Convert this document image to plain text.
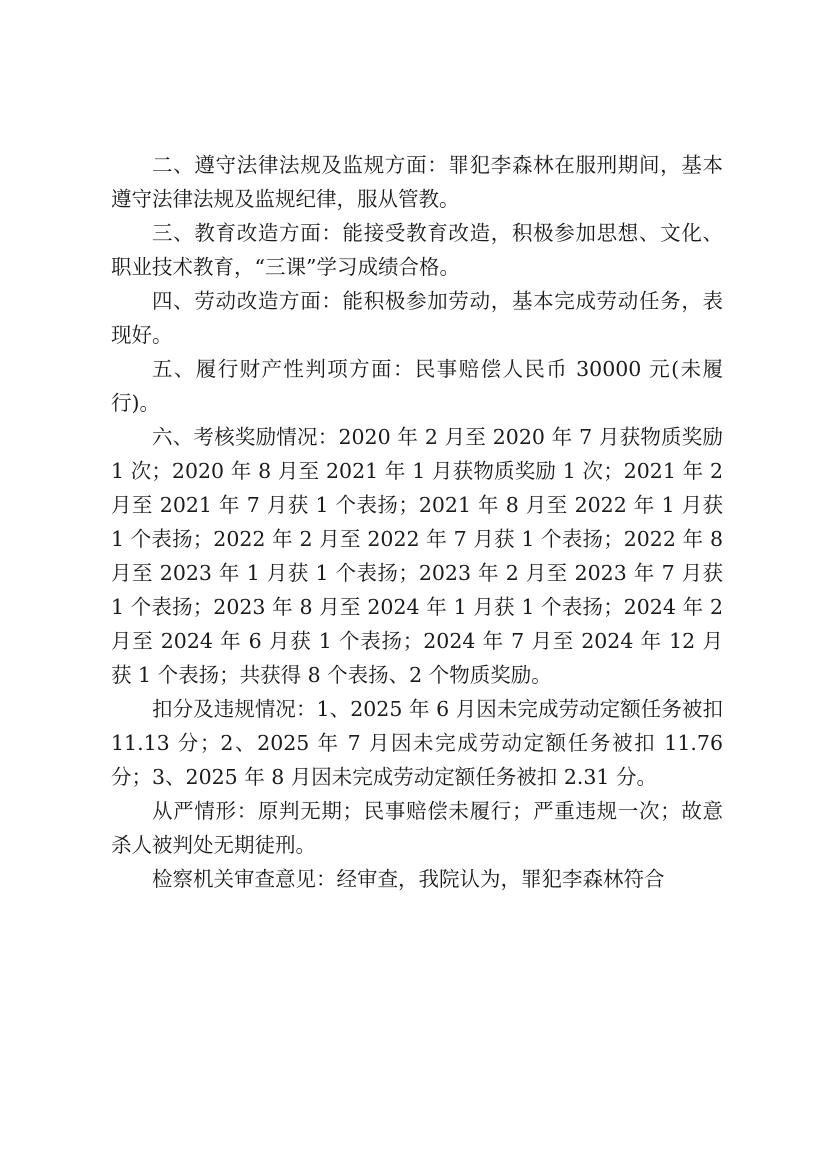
二、遵守法律法规及监规方面：罪犯李森林在服刑期间，基本遵守法律法规及监规纪律，服从管教。

三、教育改造方面：能接受教育改造，积极参加思想、文化、职业技术教育，“三课”学习成绩合格。

四、劳动改造方面：能积极参加劳动，基本完成劳动任务，表现好。

五、履行财产性判项方面：民事赔偿人民币 30000 元(未履行)。

六、考核奖励情况：2020 年 2 月至 2020 年 7 月获物质奖励 1 次；2020 年 8 月至 2021 年 1 月获物质奖励 1 次；2021 年 2 月至 2021 年 7 月获 1 个表扬；2021 年 8 月至 2022 年 1 月获 1 个表扬；2022 年 2 月至 2022 年 7 月获 1 个表扬；2022 年 8 月至 2023 年 1 月获 1 个表扬；2023 年 2 月至 2023 年 7 月获 1 个表扬；2023 年 8 月至 2024 年 1 月获 1 个表扬；2024 年 2 月至 2024 年 6 月获 1 个表扬；2024 年 7 月至 2024 年 12 月获 1 个表扬；共获得 8 个表扬、2 个物质奖励。

扣分及违规情况：1、2025 年 6 月因未完成劳动定额任务被扣 11.13 分；2、2025 年 7 月因未完成劳动定额任务被扣 11.76 分；3、2025 年 8 月因未完成劳动定额任务被扣 2.31 分。

从严情形：原判无期；民事赔偿未履行；严重违规一次；故意杀人被判处无期徒刑。

检察机关审查意见：经审查，我院认为，罪犯李森林符合
